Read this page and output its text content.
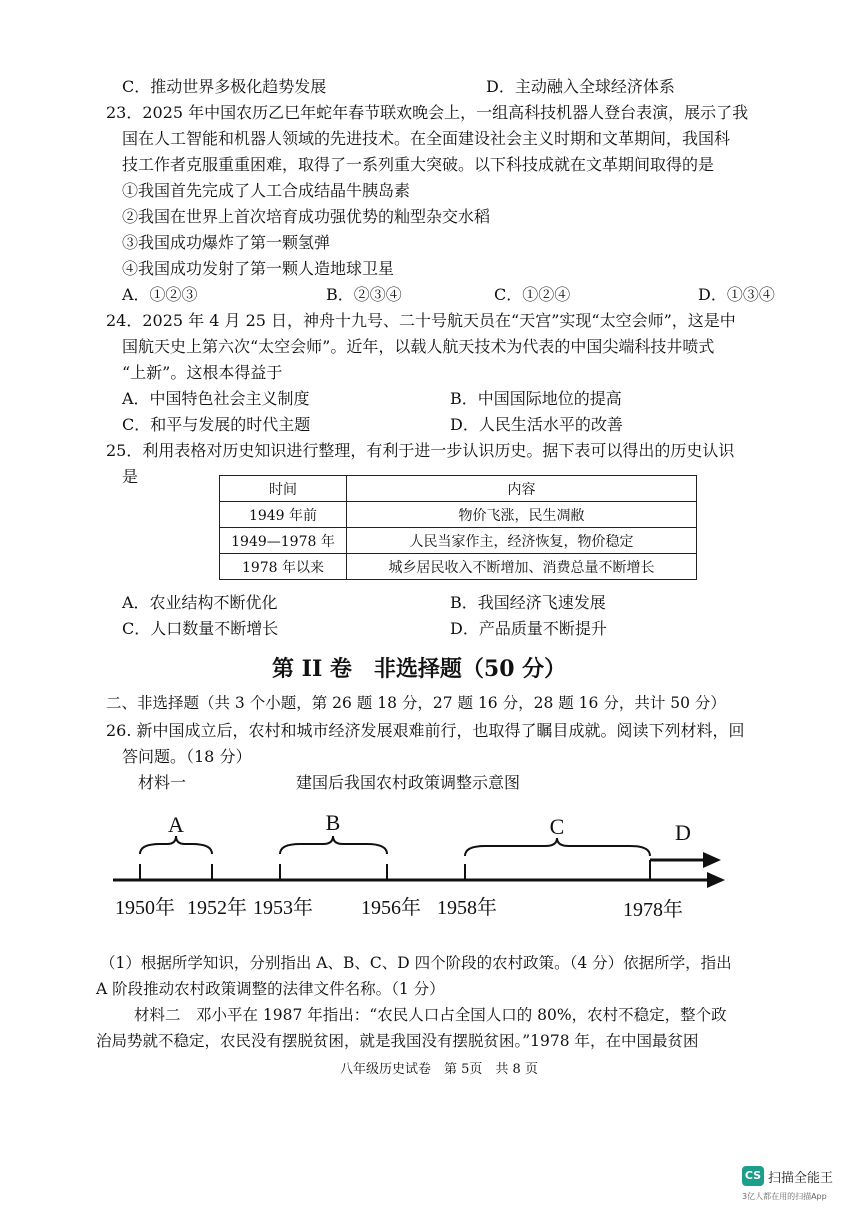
C．推动世界多极化趋势发展	D．主动融入全球经济体系
23．2025 年中国农历乙巳年蛇年春节联欢晚会上，一组高科技机器人登台表演，展示了我
国在人工智能和机器人领域的先进技术。在全面建设社会主义时期和文革期间，我国科
技工作者克服重重困难，取得了一系列重大突破。以下科技成就在文革期间取得的是
①我国首先完成了人工合成结晶牛胰岛素
②我国在世界上首次培育成功强优势的籼型杂交水稻
③我国成功爆炸了第一颗氢弹
④我国成功发射了第一颗人造地球卫星
A．①②③	B．②③④	C．①②④	D．①③④
24．2025 年 4 月 25 日，神舟十九号、二十号航天员在“天宫”实现“太空会师”，这是中
国航天史上第六次“太空会师”。近年，以载人航天技术为代表的中国尖端科技井喷式
“上新”。这根本得益于
A．中国特色社会主义制度	B．中国国际地位的提高
C．和平与发展的时代主题	D．人民生活水平的改善
25．利用表格对历史知识进行整理，有利于进一步认识历史。据下表可以得出的历史认识
是
时间	内容
1949 年前	物价飞涨，民生凋敝
1949—1978 年	人民当家作主，经济恢复，物价稳定
1978 年以来	城乡居民收入不断增加、消费总量不断增长
A．农业结构不断优化	B．我国经济飞速发展
C．人口数量不断增长	D．产品质量不断提升
第 II 卷　非选择题（50 分）
二、非选择题（共 3 个小题，第 26 题 18 分，27 题 16 分，28 题 16 分，共计 50 分）
26. 新中国成立后，农村和城市经济发展艰难前行，也取得了瞩目成就。阅读下列材料，回
答问题。（18 分）
材料一	建国后我国农村政策调整示意图
A	B	C	D
1950年 1952年 1953年 1956年 1958年	1978年
（1）根据所学知识，分别指出 A、B、C、D 四个阶段的农村政策。（4 分）依据所学，指出
A 阶段推动农村政策调整的法律文件名称。（1 分）
材料二　邓小平在 1987 年指出：“农民人口占全国人口的 80%，农村不稳定，整个政
治局势就不稳定，农民没有摆脱贫困，就是我国没有摆脱贫困。”1978 年，在中国最贫困
八年级历史试卷　第 5页　共 8 页
CS 扫描全能王
3亿人都在用的扫描App
